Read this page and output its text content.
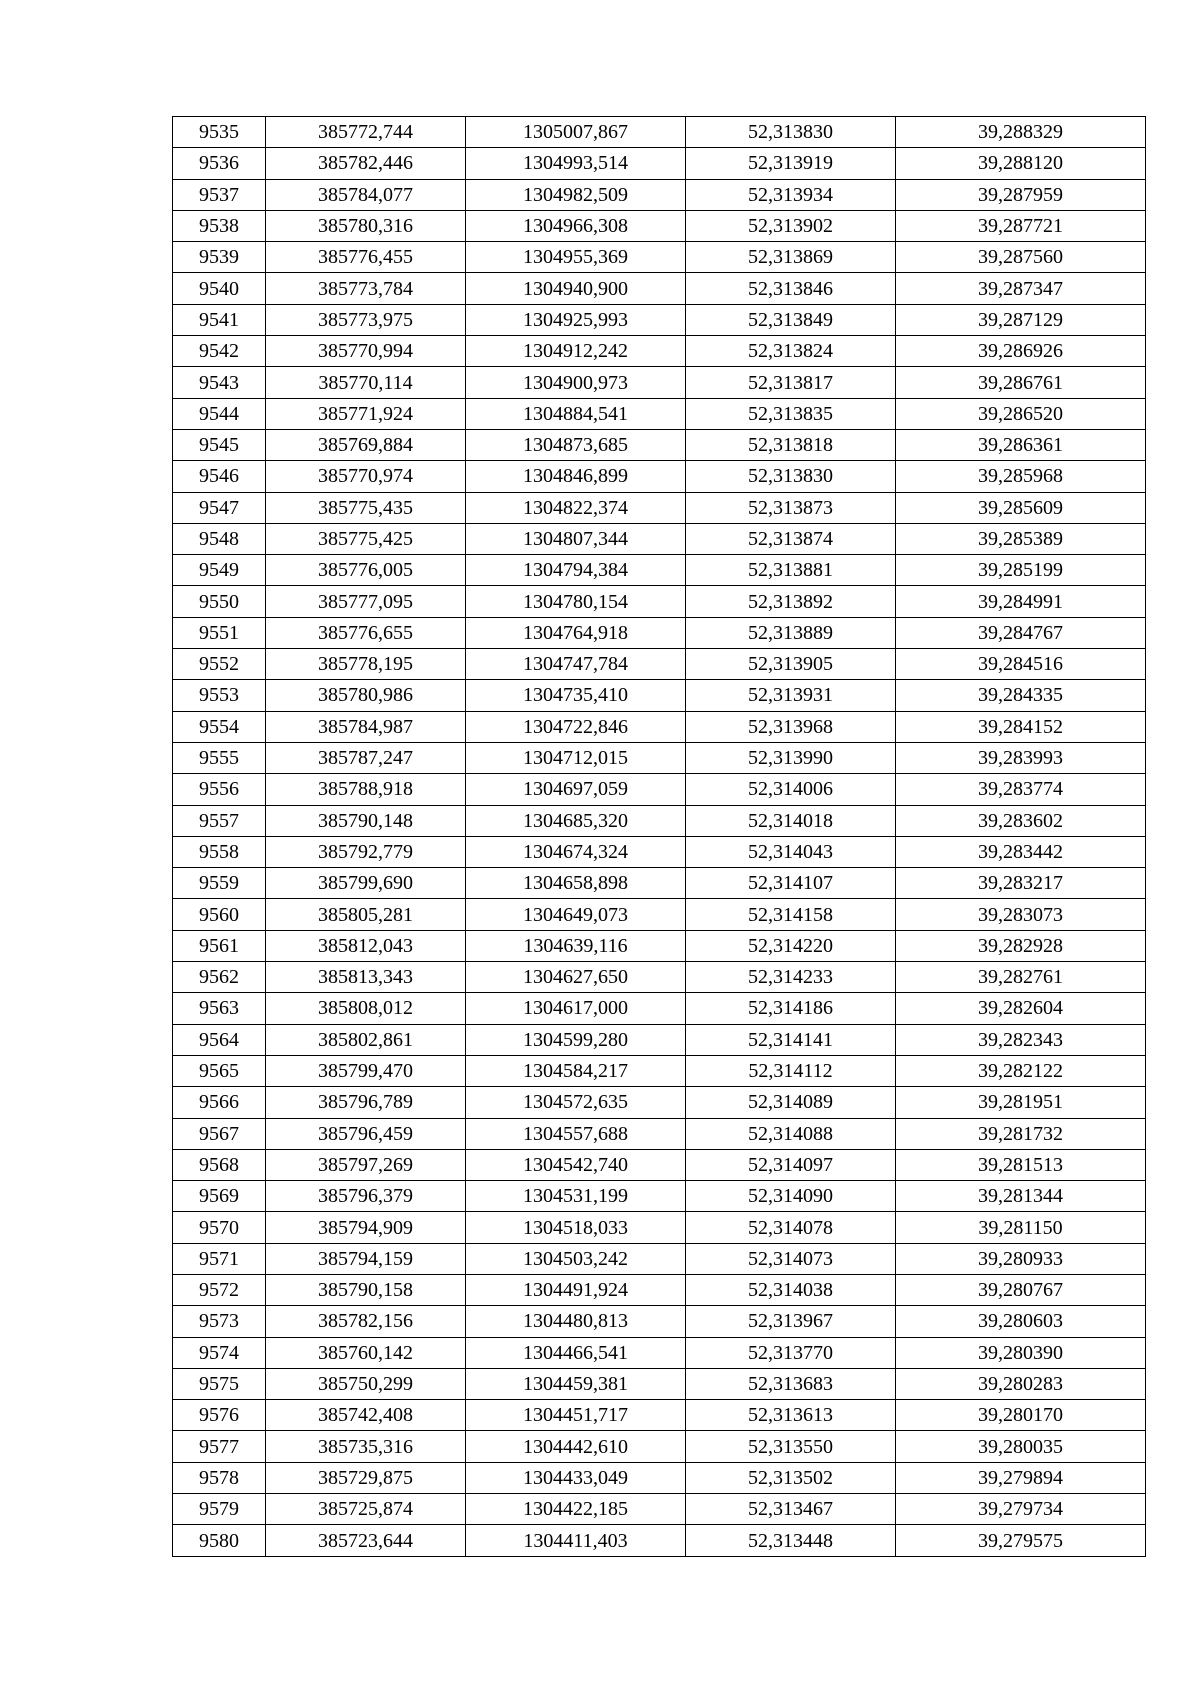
9535	385772,744	1305007,867	52,313830	39,288329
9536	385782,446	1304993,514	52,313919	39,288120
9537	385784,077	1304982,509	52,313934	39,287959
9538	385780,316	1304966,308	52,313902	39,287721
9539	385776,455	1304955,369	52,313869	39,287560
9540	385773,784	1304940,900	52,313846	39,287347
9541	385773,975	1304925,993	52,313849	39,287129
9542	385770,994	1304912,242	52,313824	39,286926
9543	385770,114	1304900,973	52,313817	39,286761
9544	385771,924	1304884,541	52,313835	39,286520
9545	385769,884	1304873,685	52,313818	39,286361
9546	385770,974	1304846,899	52,313830	39,285968
9547	385775,435	1304822,374	52,313873	39,285609
9548	385775,425	1304807,344	52,313874	39,285389
9549	385776,005	1304794,384	52,313881	39,285199
9550	385777,095	1304780,154	52,313892	39,284991
9551	385776,655	1304764,918	52,313889	39,284767
9552	385778,195	1304747,784	52,313905	39,284516
9553	385780,986	1304735,410	52,313931	39,284335
9554	385784,987	1304722,846	52,313968	39,284152
9555	385787,247	1304712,015	52,313990	39,283993
9556	385788,918	1304697,059	52,314006	39,283774
9557	385790,148	1304685,320	52,314018	39,283602
9558	385792,779	1304674,324	52,314043	39,283442
9559	385799,690	1304658,898	52,314107	39,283217
9560	385805,281	1304649,073	52,314158	39,283073
9561	385812,043	1304639,116	52,314220	39,282928
9562	385813,343	1304627,650	52,314233	39,282761
9563	385808,012	1304617,000	52,314186	39,282604
9564	385802,861	1304599,280	52,314141	39,282343
9565	385799,470	1304584,217	52,314112	39,282122
9566	385796,789	1304572,635	52,314089	39,281951
9567	385796,459	1304557,688	52,314088	39,281732
9568	385797,269	1304542,740	52,314097	39,281513
9569	385796,379	1304531,199	52,314090	39,281344
9570	385794,909	1304518,033	52,314078	39,281150
9571	385794,159	1304503,242	52,314073	39,280933
9572	385790,158	1304491,924	52,314038	39,280767
9573	385782,156	1304480,813	52,313967	39,280603
9574	385760,142	1304466,541	52,313770	39,280390
9575	385750,299	1304459,381	52,313683	39,280283
9576	385742,408	1304451,717	52,313613	39,280170
9577	385735,316	1304442,610	52,313550	39,280035
9578	385729,875	1304433,049	52,313502	39,279894
9579	385725,874	1304422,185	52,313467	39,279734
9580	385723,644	1304411,403	52,313448	39,279575
